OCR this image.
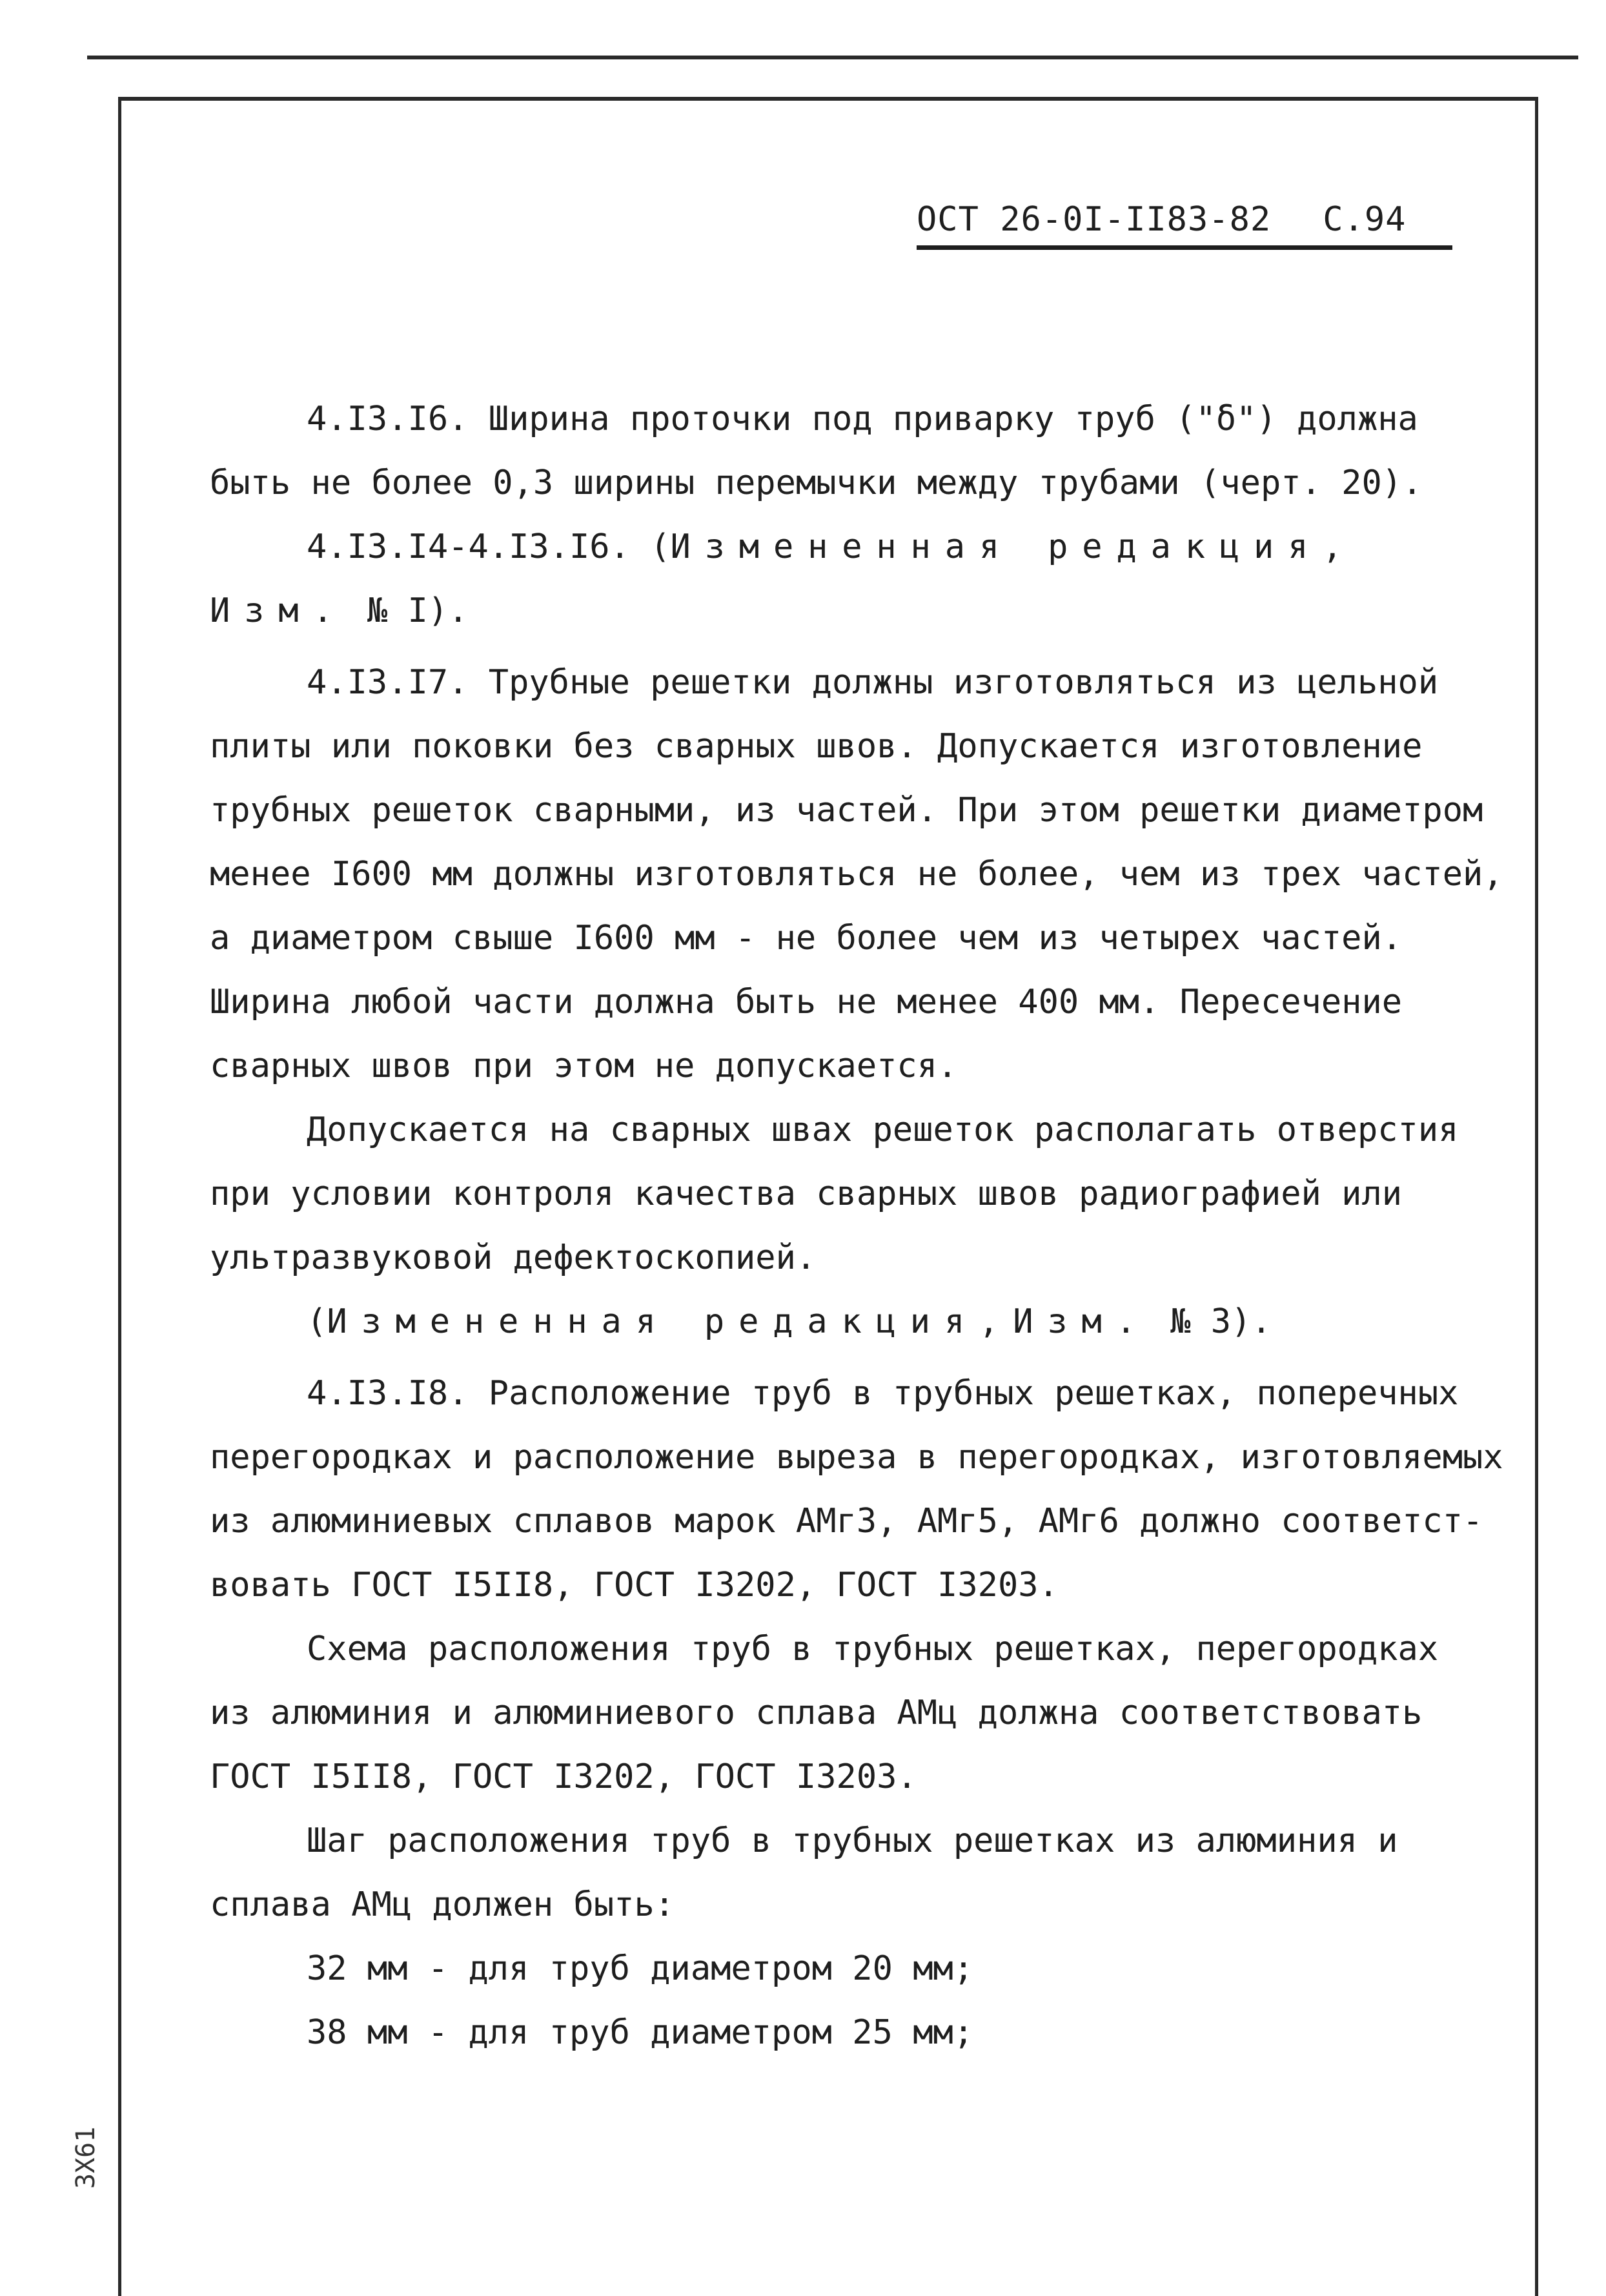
ОСТ 26-0I-II83-82 С.94
4.I3.I6. Ширина проточки под приварку труб ("δ") должна
быть не более 0,3 ширины перемычки между трубами (черт. 20).
4.I3.I4-4.I3.I6. (Измененная редакция,
Изм. № I).
4.I3.I7. Трубные решетки должны изготовляться из цельной
плиты или поковки без сварных швов. Допускается изготовление
трубных решеток сварными, из частей. При этом решетки диаметром
менее I600 мм должны изготовляться не более, чем из трех частей,
а диаметром свыше I600 мм - не более чем из четырех частей.
Ширина любой части должна быть не менее 400 мм. Пересечение
сварных швов при этом не допускается.
Допускается на сварных швах решеток располагать отверстия
при условии контроля качества сварных швов радиографией или
ультразвуковой дефектоскопией.
(Измененная редакция,Изм. № 3).
4.I3.I8. Расположение труб в трубных решетках, поперечных
перегородках и расположение выреза в перегородках, изготовляемых
из алюминиевых сплавов марок АМг3, АМг5, АМг6 должно соответст-
вовать ГОСТ I5II8, ГОСТ I3202, ГОСТ I3203.
Схема расположения труб в трубных решетках, перегородках
из алюминия и алюминиевого сплава АМц должна соответствовать
ГОСТ I5II8, ГОСТ I3202, ГОСТ I3203.
Шаг расположения труб в трубных решетках из алюминия и
сплава АМц должен быть:
32 мм - для труб диаметром 20 мм;
38 мм - для труб диаметром 25 мм;
3X61
